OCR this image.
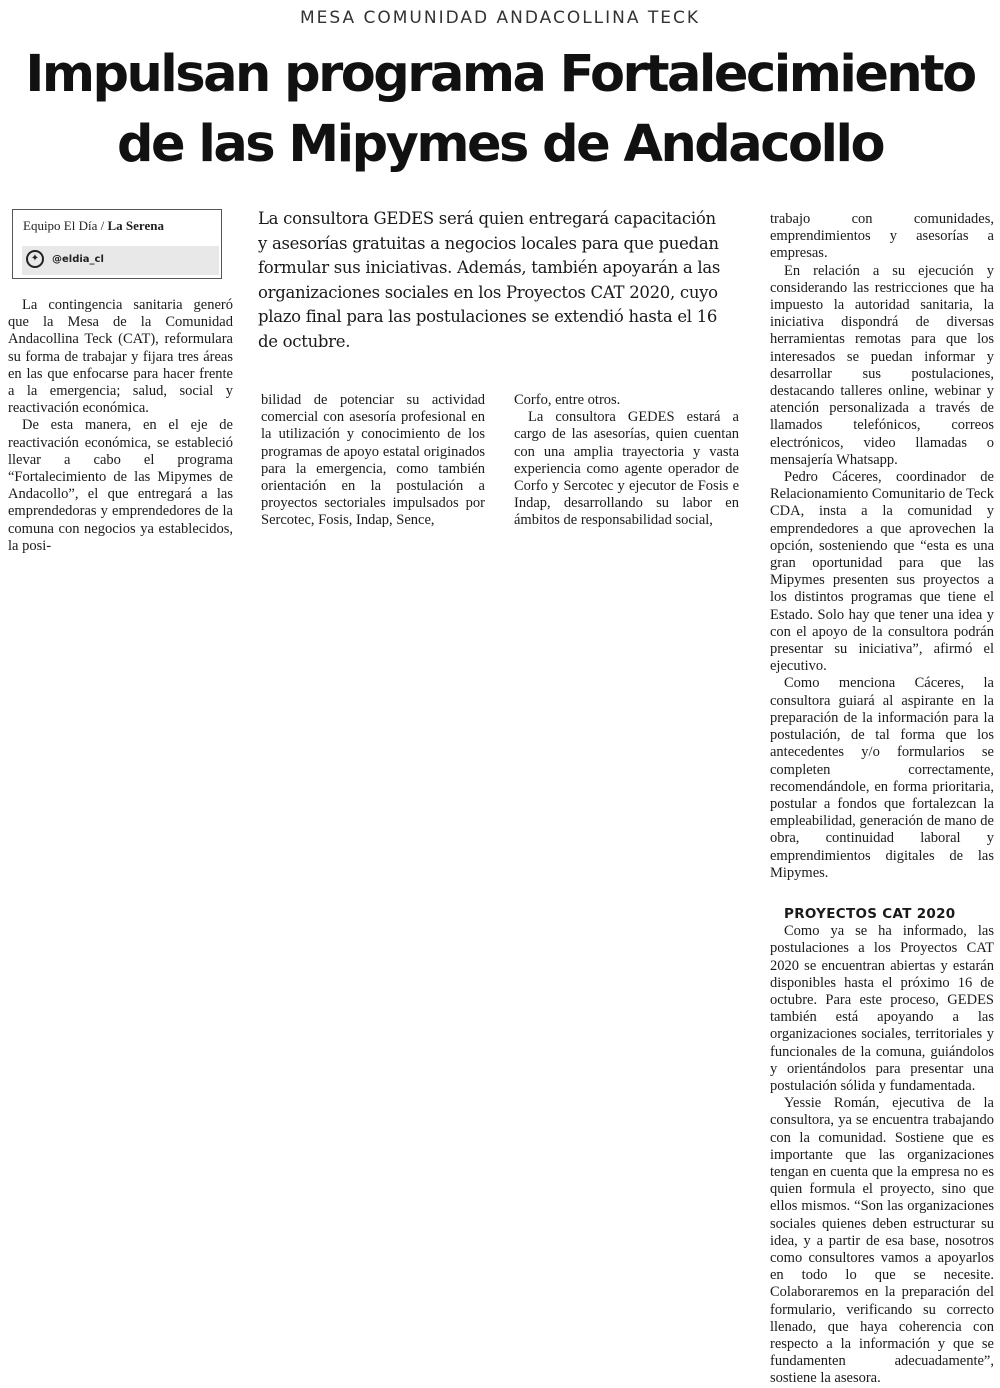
MESA COMUNIDAD ANDACOLLINA TECK
Impulsan programa Fortalecimiento
de las Mipymes de Andacollo
Equipo El Día / La Serena
✦	@eldia_cl

La consultora GEDES será quien entregará capacitación y asesorías gratuitas a negocios locales para que puedan formular sus iniciativas. Además, también apoyarán a las organizaciones sociales en los Proyectos CAT 2020, cuyo plazo final para las postulaciones se extendió hasta el 16 de octubre.

La contingencia sanitaria generó que la Mesa de la Comunidad Andacollina Teck (CAT), reformulara su forma de trabajar y fijara tres áreas en las que enfocarse para hacer frente a la emergencia; salud, social y reactivación económica.

De esta manera, en el eje de reactivación económica, se estableció llevar a cabo el programa “Fortalecimiento de las Mipymes de Andacollo”, el que entregará a las emprendedoras y emprendedores de la comuna con negocios ya establecidos, la posi-

bilidad de potenciar su actividad comercial con asesoría profesional en la utilización y conocimiento de los programas de apoyo estatal originados para la emergencia, como también orientación en la postulación a proyectos sectoriales impulsados por Sercotec, Fosis, Indap, Sence,

Corfo, entre otros.

La consultora GEDES estará a cargo de las asesorías, quien cuentan con una amplia trayectoria y vasta experiencia como agente operador de Corfo y Sercotec y ejecutor de Fosis e Indap, desarrollando su labor en ámbitos de responsabilidad social,

trabajo con comunidades, emprendimientos y asesorías a empresas.

En relación a su ejecución y considerando las restricciones que ha impuesto la autoridad sanitaria, la iniciativa dispondrá de diversas herramientas remotas para que los interesados se puedan informar y desarrollar sus postulaciones, destacando talleres online, webinar y atención personalizada a través de llamados telefónicos, correos electrónicos, video llamadas o mensajería Whatsapp.

Pedro Cáceres, coordinador de Relacionamiento Comunitario de Teck CDA, insta a la comunidad y emprendedores a que aprovechen la opción, sosteniendo que “esta es una gran oportunidad para que las Mipymes presenten sus proyectos a los distintos programas que tiene el Estado. Solo hay que tener una idea y con el apoyo de la consultora podrán presentar su iniciativa”, afirmó el ejecutivo.

Como menciona Cáceres, la consultora guiará al aspirante en la preparación de la información para la postulación, de tal forma que los antecedentes y/o formularios se completen correctamente, recomendándole, en forma prioritaria, postular a fondos que fortalezcan la empleabilidad, generación de mano de obra, continuidad laboral y emprendimientos digitales de las Mipymes.

PROYECTOS CAT 2020

Como ya se ha informado, las postulaciones a los Proyectos CAT 2020 se encuentran abiertas y estarán disponibles hasta el próximo 16 de octubre. Para este proceso, GEDES también está apoyando a las organizaciones sociales, territoriales y funcionales de la comuna, guiándolos y orientándolos para presentar una postulación sólida y fundamentada.

Yessie Román, ejecutiva de la consultora, ya se encuentra trabajando con la comunidad. Sostiene que es importante que las organizaciones tengan en cuenta que la empresa no es quien formula el proyecto, sino que ellos mismos. “Son las organizaciones sociales quienes deben estructurar su idea, y a partir de esa base, nosotros como consultores vamos a apoyarlos en todo lo que se necesite. Colaboraremos en la preparación del formulario, verificando su correcto llenado, que haya coherencia con respecto a la información y que se fundamenten adecuadamente”, sostiene la asesora.
